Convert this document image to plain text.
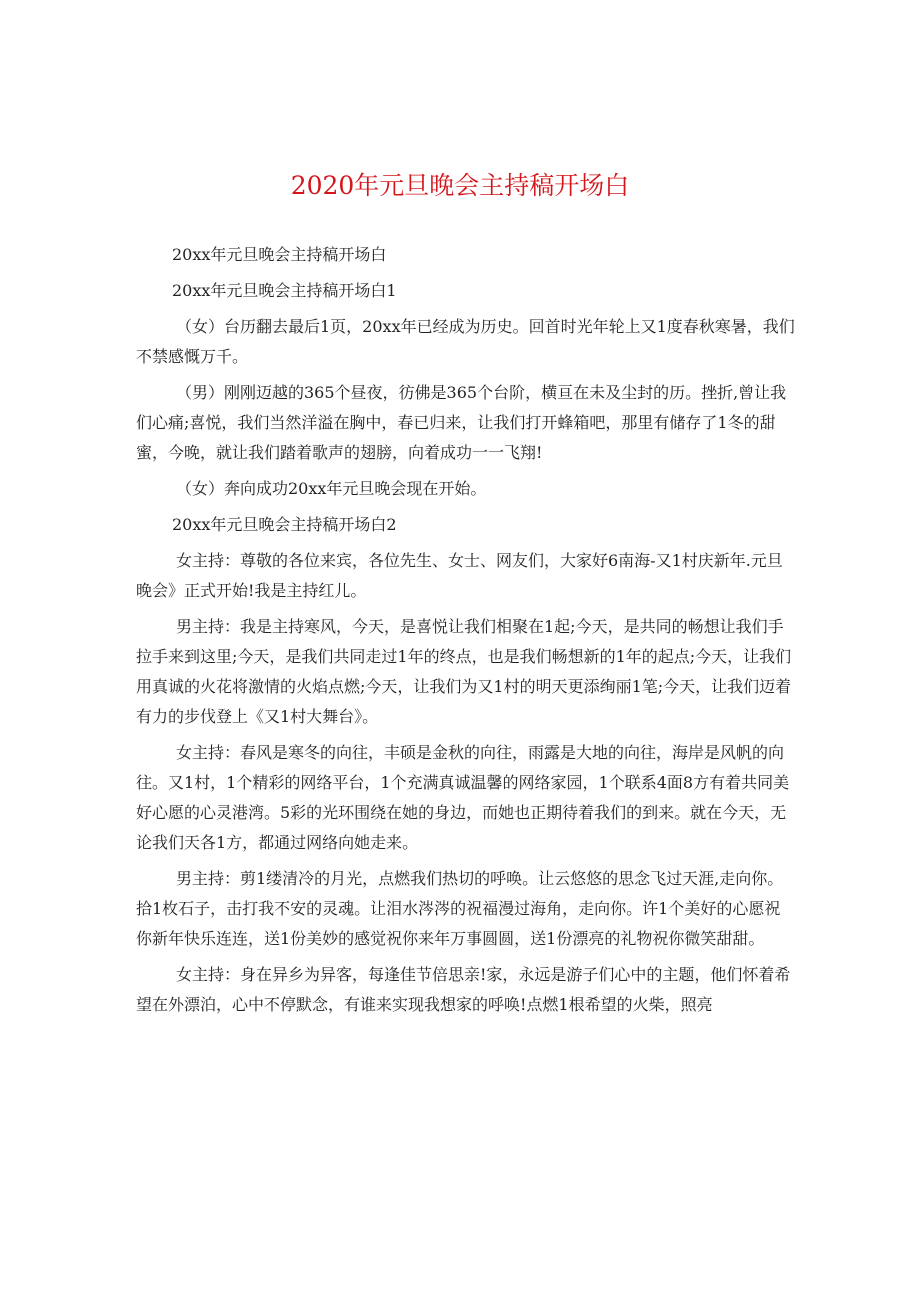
2020年元旦晚会主持稿开场白

20xx年元旦晚会主持稿开场白

20xx年元旦晚会主持稿开场白1

（女）台历翻去最后1页，20xx年已经成为历史。回首时光年轮上又1度春秋寒暑，我们不禁感慨万千。

（男）刚刚迈越的365个昼夜，彷佛是365个台阶，横亘在未及尘封的历。挫折,曾让我们心痛;喜悦，我们当然洋溢在胸中，春已归来，让我们打开蜂箱吧，那里有储存了1冬的甜蜜，今晚，就让我们踏着歌声的翅膀，向着成功一一飞翔!

（女）奔向成功20xx年元旦晚会现在开始。

20xx年元旦晚会主持稿开场白2

女主持：尊敬的各位来宾，各位先生、女士、网友们，大家好6南海-又1村庆新年.元旦晚会》正式开始!我是主持红儿。

男主持：我是主持寒风，今天，是喜悦让我们相聚在1起;今天，是共同的畅想让我们手拉手来到这里;今天，是我们共同走过1年的终点，也是我们畅想新的1年的起点;今天，让我们用真诚的火花将激情的火焰点燃;今天，让我们为又1村的明天更添绚丽1笔;今天，让我们迈着有力的步伐登上《又1村大舞台》。

女主持：春风是寒冬的向往，丰硕是金秋的向往，雨露是大地的向往，海岸是风帆的向往。又1村，1个精彩的网络平台，1个充满真诚温馨的网络家园，1个联系4面8方有着共同美好心愿的心灵港湾。5彩的光环围绕在她的身边，而她也正期待着我们的到来。就在今天，无论我们天各1方，都通过网络向她走来。

男主持：剪1缕清冷的月光，点燃我们热切的呼唤。让云悠悠的思念飞过天涯,走向你。拾1枚石子，击打我不安的灵魂。让泪水涔涔的祝福漫过海角，走向你。许1个美好的心愿祝你新年快乐连连，送1份美妙的感觉祝你来年万事圆圆，送1份漂亮的礼物祝你微笑甜甜。

女主持：身在异乡为异客，每逢佳节倍思亲!家，永远是游子们心中的主题，他们怀着希望在外漂泊，心中不停默念，有谁来实现我想家的呼唤!点燃1根希望的火柴，照亮
